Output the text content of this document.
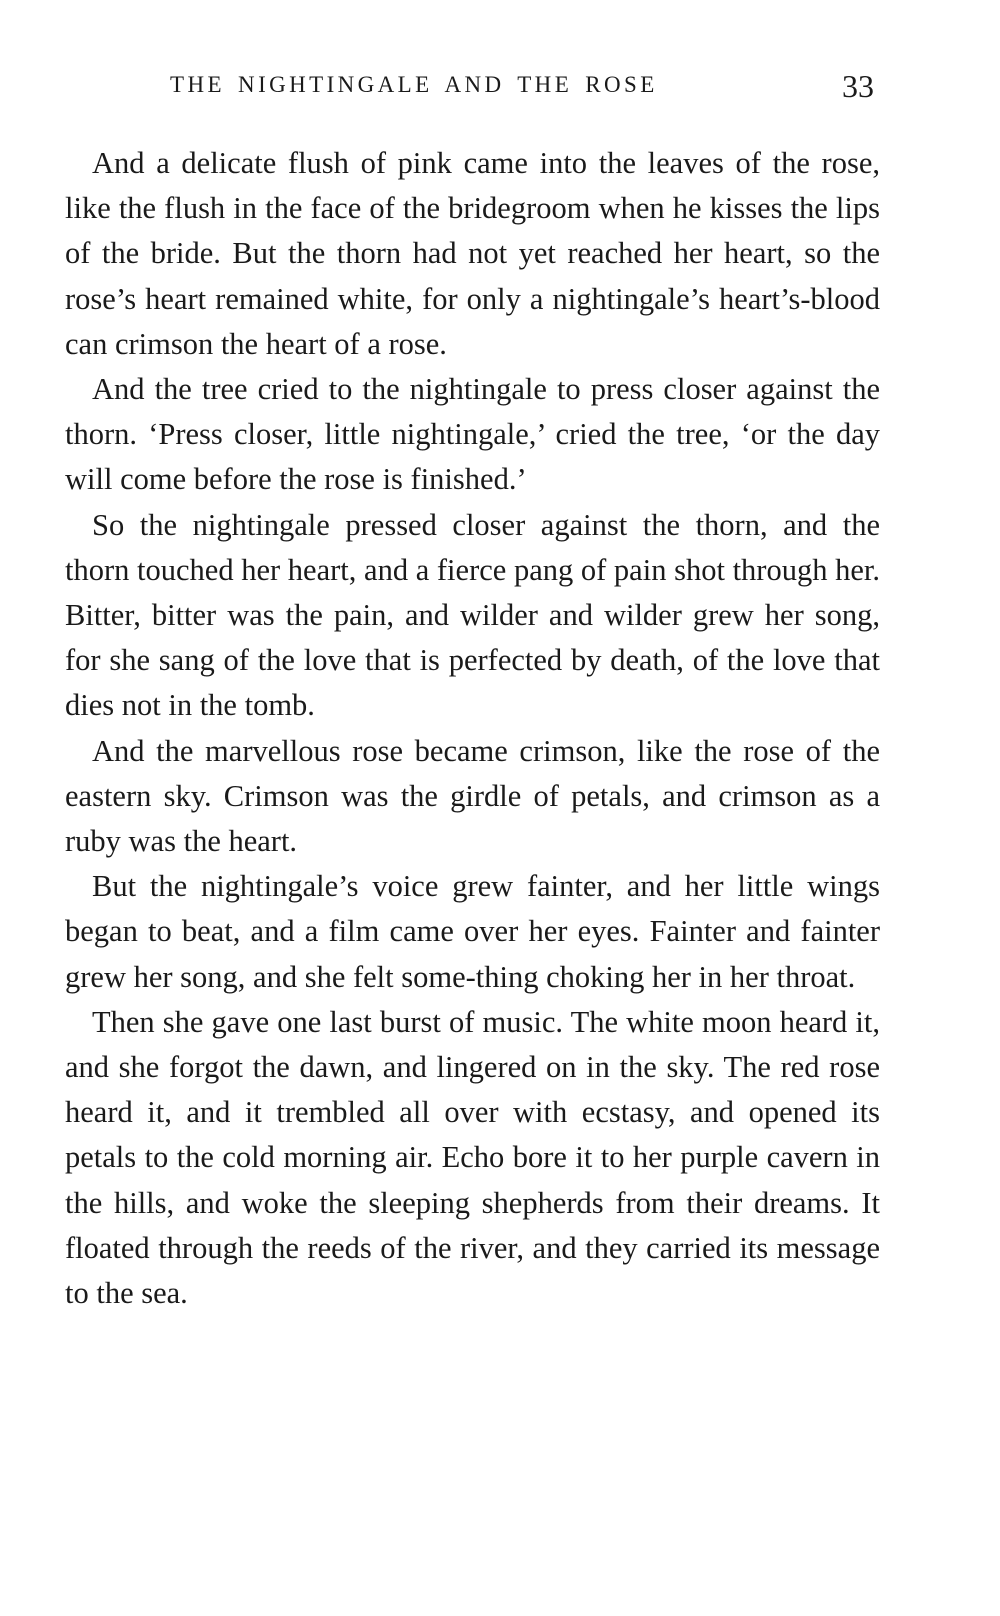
THE NIGHTINGALE AND THE ROSE	33

And a delicate flush of pink came into the leaves of the rose, like the flush in the face of the bridegroom when he kisses the lips of the bride. But the thorn had not yet reached her heart, so the rose’s heart remained white, for only a nightingale’s heart’s-blood can crimson the heart of a rose.

And the tree cried to the nightingale to press closer against the thorn. ‘Press closer, little nightingale,’ cried the tree, ‘or the day will come before the rose is finished.’

So the nightingale pressed closer against the thorn, and the thorn touched her heart, and a fierce pang of pain shot through her. Bitter, bitter was the pain, and wilder and wilder grew her song, for she sang of the love that is perfected by death, of the love that dies not in the tomb.

And the marvellous rose became crimson, like the rose of the eastern sky. Crimson was the girdle of petals, and crimson as a ruby was the heart.

But the nightingale’s voice grew fainter, and her little wings began to beat, and a film came over her eyes. Fainter and fainter grew her song, and she felt some-thing choking her in her throat.

Then she gave one last burst of music. The white moon heard it, and she forgot the dawn, and lingered on in the sky. The red rose heard it, and it trembled all over with ecstasy, and opened its petals to the cold morning air. Echo bore it to her purple cavern in the hills, and woke the sleeping shepherds from their dreams. It floated through the reeds of the river, and they carried its message to the sea.
